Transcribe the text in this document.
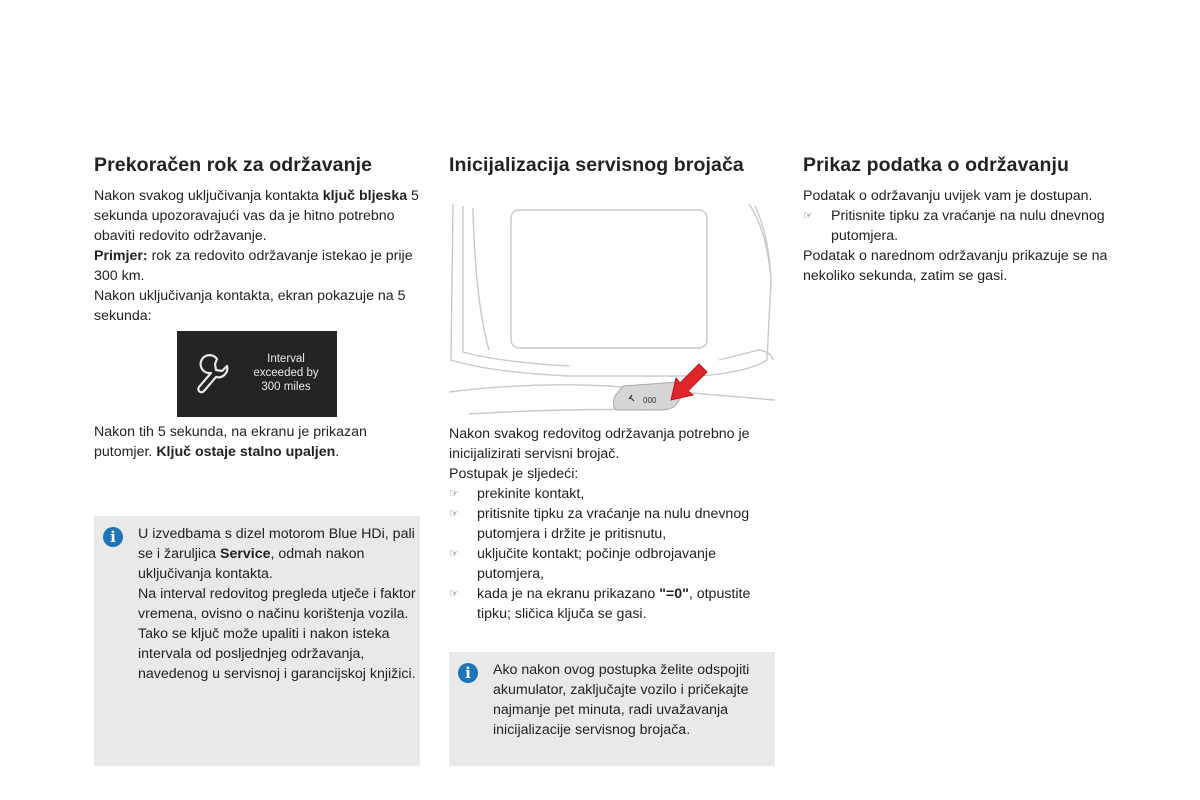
Prekoračen rok za održavanje

Nakon svakog uključivanja kontakta ključ bljeska 5 sekunda upozoravajući vas da je hitno potrebno obaviti redovito održavanje.

Primjer: rok za redovito održavanje istekao je prije 300 km.

Nakon uključivanja kontakta, ekran pokazuje na 5 sekunda:

Interval exceeded by 300 miles

Nakon tih 5 sekunda, na ekranu je prikazan putomjer. Ključ ostaje stalno upaljen.

i	U izvedbama s dizel motorom Blue HDi, pali se i žaruljica Service, odmah nakon uključivanja kontakta.
Na interval redovitog pregleda utječe i faktor vremena, ovisno o načinu korištenja vozila.
Tako se ključ može upaliti i nakon isteka intervala od posljednjeg održavanja, navedenog u servisnoj i garancijskoj knjižici.
Inicijalizacija servisnog brojača
000

Nakon svakog redovitog održavanja potrebno je inicijalizirati servisni brojač.

Postupak je sljedeći:

☞ prekinite kontakt,
☞ pritisnite tipku za vraćanje na nulu dnevnog putomjera i držite je pritisnutu,
☞ uključite kontakt; počinje odbrojavanje putomjera,
☞ kada je na ekranu prikazano "=0", otpustite tipku; sličica ključa se gasi.
i	Ako nakon ovog postupka želite odspojiti akumulator, zaključajte vozilo i pričekajte najmanje pet minuta, radi uvažavanja inicijalizacije servisnog brojača.
Prikaz podatka o održavanju

Podatak o održavanju uvijek vam je dostupan.

☞ Pritisnite tipku za vraćanje na nulu dnevnog putomjera.

Podatak o narednom održavanju prikazuje se na nekoliko sekunda, zatim se gasi.
